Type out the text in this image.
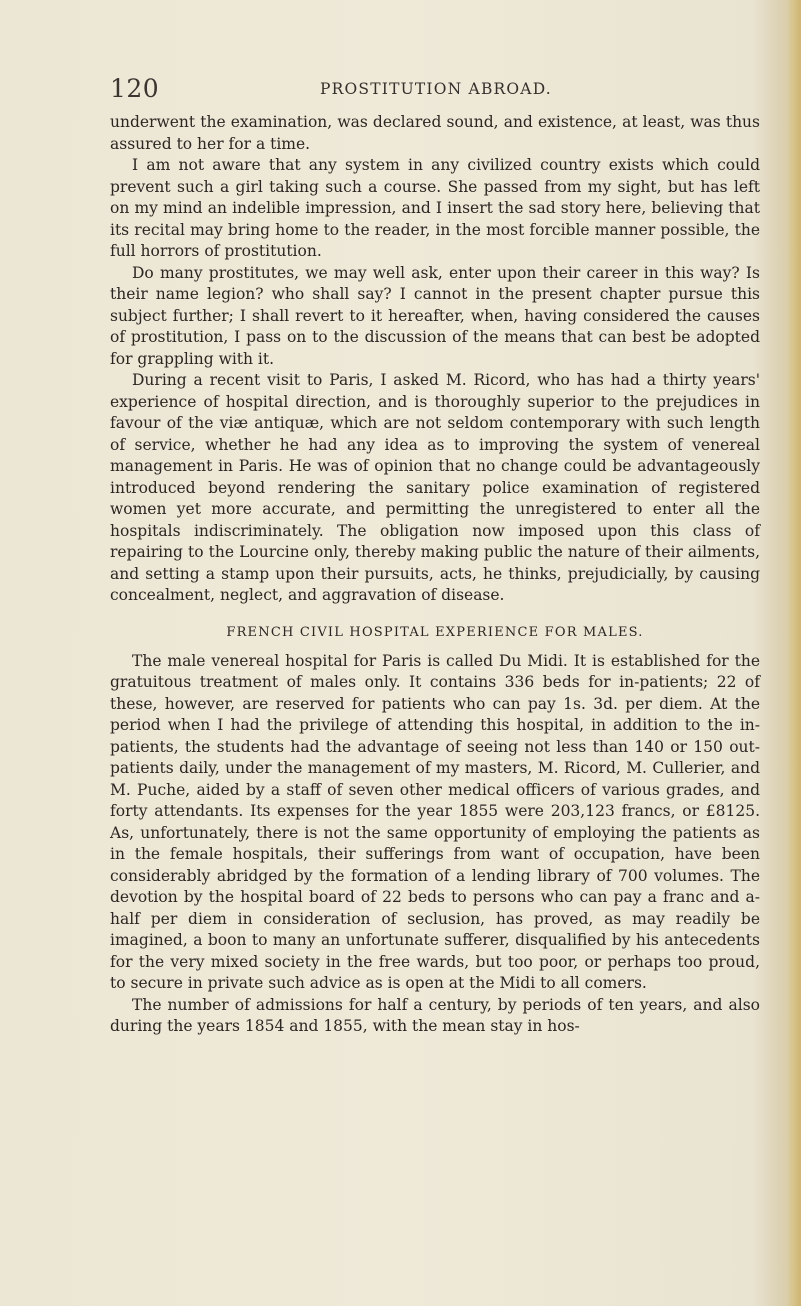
120	PROSTITUTION ABROAD.

underwent the examination, was declared sound, and existence, at least, was thus assured to her for a time.

I am not aware that any system in any civilized country exists which could prevent such a girl taking such a course. She passed from my sight, but has left on my mind an indelible impression, and I insert the sad story here, believing that its recital may bring home to the reader, in the most forcible manner possible, the full horrors of prostitution.

Do many prostitutes, we may well ask, enter upon their career in this way? Is their name legion? who shall say? I cannot in the present chapter pursue this subject further; I shall revert to it hereafter, when, having considered the causes of prostitution, I pass on to the discussion of the means that can best be adopted for grappling with it.

During a recent visit to Paris, I asked M. Ricord, who has had a thirty years' experience of hospital direction, and is thoroughly superior to the prejudices in favour of the viæ antiquæ, which are not seldom contemporary with such length of service, whether he had any idea as to improving the system of venereal management in Paris. He was of opinion that no change could be advantageously introduced beyond rendering the sanitary police examination of registered women yet more accurate, and permitting the unregistered to enter all the hospitals indiscriminately. The obligation now imposed upon this class of repairing to the Lourcine only, thereby making public the nature of their ailments, and setting a stamp upon their pursuits, acts, he thinks, prejudicially, by causing concealment, neglect, and aggravation of disease.

FRENCH CIVIL HOSPITAL EXPERIENCE FOR MALES.

The male venereal hospital for Paris is called Du Midi. It is established for the gratuitous treatment of males only. It contains 336 beds for in-patients; 22 of these, however, are reserved for patients who can pay 1s. 3d. per diem. At the period when I had the privilege of attending this hospital, in addition to the in-patients, the students had the advantage of seeing not less than 140 or 150 out-patients daily, under the management of my masters, M. Ricord, M. Cullerier, and M. Puche, aided by a staff of seven other medical officers of various grades, and forty attendants. Its expenses for the year 1855 were 203,123 francs, or £8125. As, unfortunately, there is not the same opportunity of employing the patients as in the female hospitals, their sufferings from want of occupation, have been considerably abridged by the formation of a lending library of 700 volumes. The devotion by the hospital board of 22 beds to persons who can pay a franc and a-half per diem in consideration of seclusion, has proved, as may readily be imagined, a boon to many an unfortunate sufferer, disqualified by his antecedents for the very mixed society in the free wards, but too poor, or perhaps too proud, to secure in private such advice as is open at the Midi to all comers.

The number of admissions for half a century, by periods of ten years, and also during the years 1854 and 1855, with the mean stay in hos-
